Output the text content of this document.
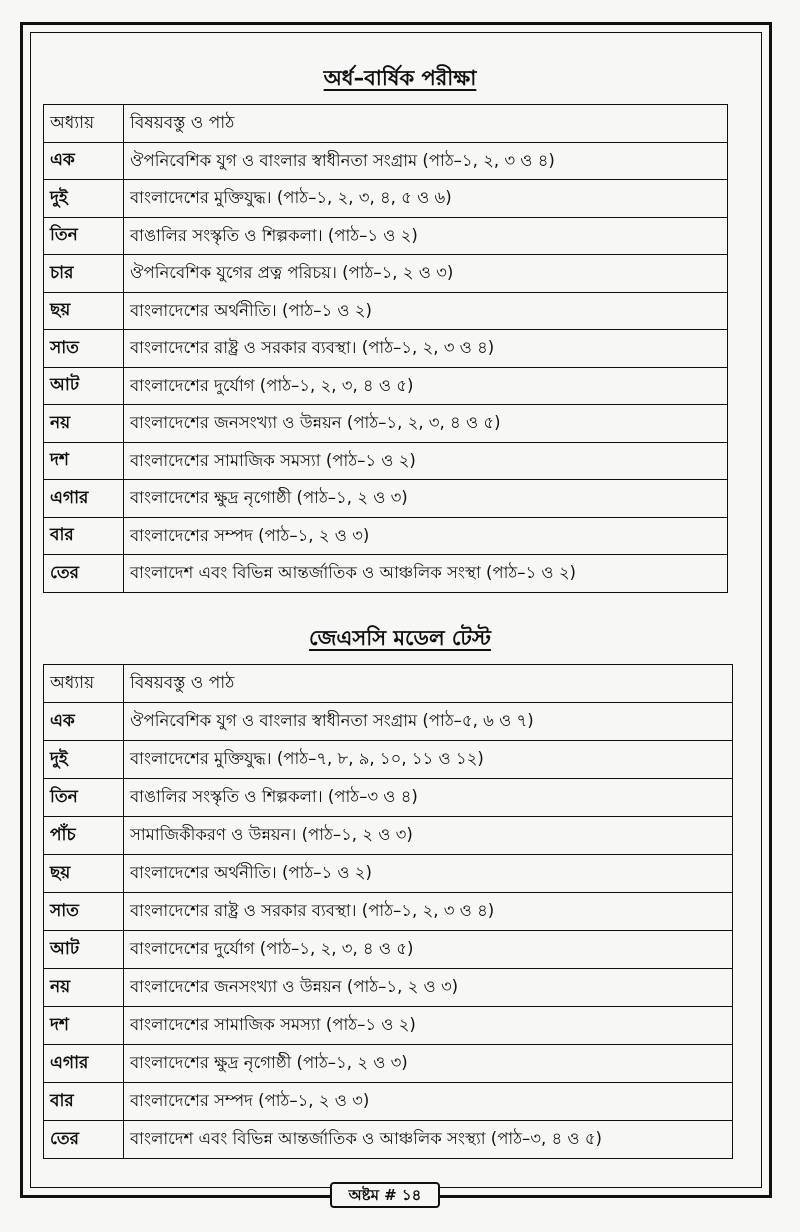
অর্ধ–বার্ষিক পরীক্ষা
অধ্যায়	বিষয়বস্তু ও পাঠ
এক	ঔপনিবেশিক যুগ ও বাংলার স্বাধীনতা সংগ্রাম (পাঠ–১, ২, ৩ ও ৪)
দুই	বাংলাদেশের মুক্তিযুদ্ধ। (পাঠ–১, ২, ৩, ৪, ৫ ও ৬)
তিন	বাঙালির সংস্কৃতি ও শিল্পকলা। (পাঠ–১ ও ২)
চার	ঔপনিবেশিক যুগের প্রত্ন পরিচয়। (পাঠ–১, ২ ও ৩)
ছয়	বাংলাদেশের অর্থনীতি। (পাঠ–১ ও ২)
সাত	বাংলাদেশের রাষ্ট্র ও সরকার ব্যবস্থা। (পাঠ–১, ২, ৩ ও ৪)
আট	বাংলাদেশের দুর্যোগ (পাঠ–১, ২, ৩, ৪ ও ৫)
নয়	বাংলাদেশের জনসংখ্যা ও উন্নয়ন (পাঠ–১, ২, ৩, ৪ ও ৫)
দশ	বাংলাদেশের সামাজিক সমস্যা (পাঠ–১ ও ২)
এগার	বাংলাদেশের ক্ষুদ্র নৃগোষ্ঠী (পাঠ–১, ২ ও ৩)
বার	বাংলাদেশের সম্পদ (পাঠ–১, ২ ও ৩)
তের	বাংলাদেশ এবং বিভিন্ন আন্তর্জাতিক ও আঞ্চলিক সংস্থা (পাঠ–১ ও ২)
জেএসসি মডেল টেস্ট
অধ্যায়	বিষয়বস্তু ও পাঠ
এক	ঔপনিবেশিক যুগ ও বাংলার স্বাধীনতা সংগ্রাম (পাঠ–৫, ৬ ও ৭)
দুই	বাংলাদেশের মুক্তিযুদ্ধ। (পাঠ–৭, ৮, ৯, ১০, ১১ ও ১২)
তিন	বাঙালির সংস্কৃতি ও শিল্পকলা। (পাঠ–৩ ও ৪)
পাঁচ	সামাজিকীকরণ ও উন্নয়ন। (পাঠ–১, ২ ও ৩)
ছয়	বাংলাদেশের অর্থনীতি। (পাঠ–১ ও ২)
সাত	বাংলাদেশের রাষ্ট্র ও সরকার ব্যবস্থা। (পাঠ–১, ২, ৩ ও ৪)
আট	বাংলাদেশের দুর্যোগ (পাঠ–১, ২, ৩, ৪ ও ৫)
নয়	বাংলাদেশের জনসংখ্যা ও উন্নয়ন (পাঠ–১, ২ ও ৩)
দশ	বাংলাদেশের সামাজিক সমস্যা (পাঠ–১ ও ২)
এগার	বাংলাদেশের ক্ষুদ্র নৃগোষ্ঠী (পাঠ–১, ২ ও ৩)
বার	বাংলাদেশের সম্পদ (পাঠ–১, ২ ও ৩)
তের	বাংলাদেশ এবং বিভিন্ন আন্তর্জাতিক ও আঞ্চলিক সংস্থ্যা (পাঠ–৩, ৪ ও ৫)
অষ্টম # ১৪
